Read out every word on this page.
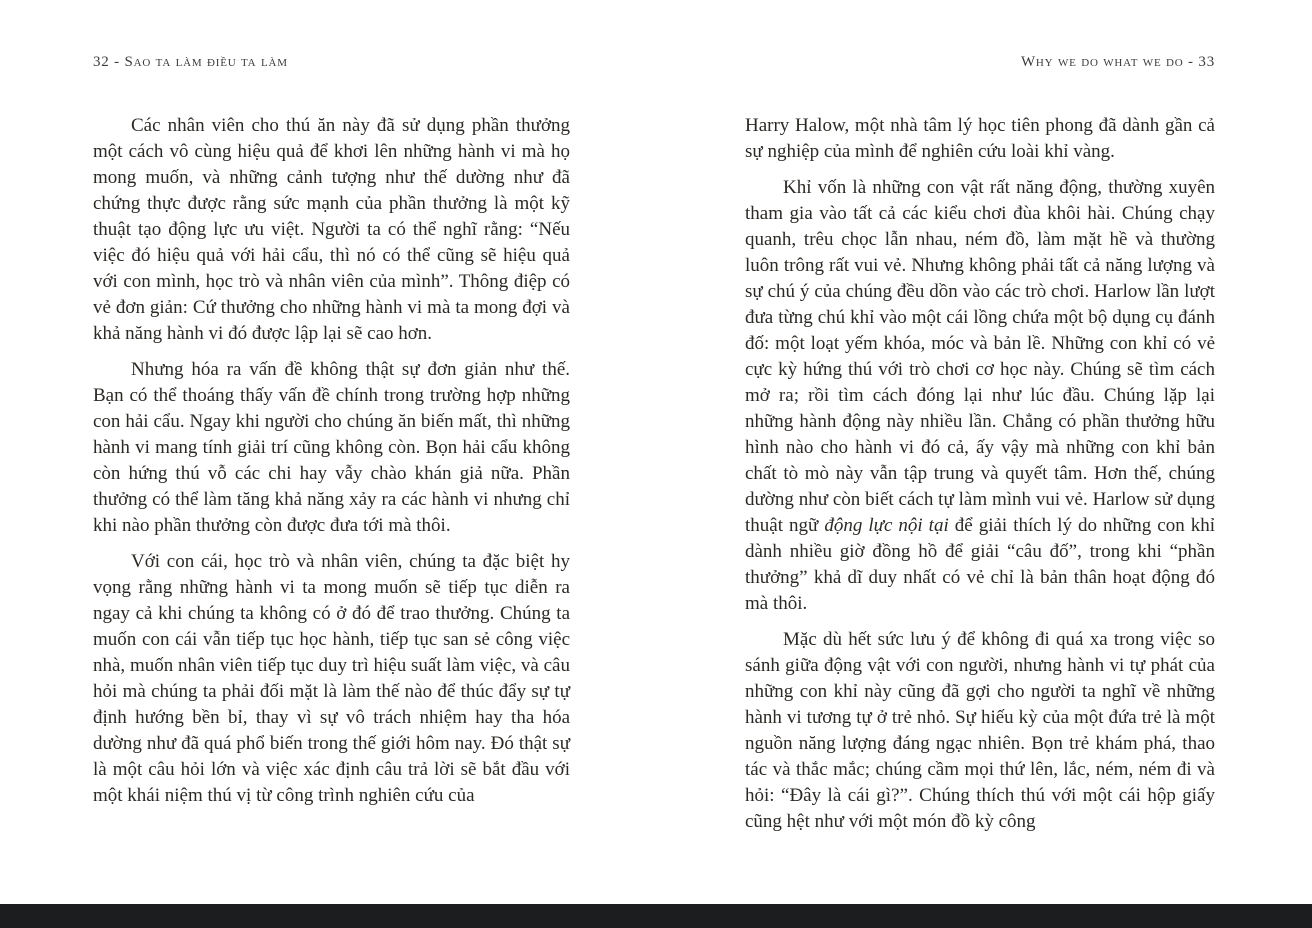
32 - Sao ta làm điều ta làm	Why we do what we do - 33

Các nhân viên cho thú ăn này đã sử dụng phần thưởng một cách vô cùng hiệu quả để khơi lên những hành vi mà họ mong muốn, và những cảnh tượng như thế dường như đã chứng thực được rằng sức mạnh của phần thưởng là một kỹ thuật tạo động lực ưu việt. Người ta có thể nghĩ rằng: “Nếu việc đó hiệu quả với hải cẩu, thì nó có thể cũng sẽ hiệu quả với con mình, học trò và nhân viên của mình”. Thông điệp có vẻ đơn giản: Cứ thưởng cho những hành vi mà ta mong đợi và khả năng hành vi đó được lập lại sẽ cao hơn.

Nhưng hóa ra vấn đề không thật sự đơn giản như thế. Bạn có thể thoáng thấy vấn đề chính trong trường hợp những con hải cẩu. Ngay khi người cho chúng ăn biến mất, thì những hành vi mang tính giải trí cũng không còn. Bọn hải cẩu không còn hứng thú vỗ các chi hay vẫy chào khán giả nữa. Phần thưởng có thể làm tăng khả năng xảy ra các hành vi nhưng chỉ khi nào phần thưởng còn được đưa tới mà thôi.

Với con cái, học trò và nhân viên, chúng ta đặc biệt hy vọng rằng những hành vi ta mong muốn sẽ tiếp tục diễn ra ngay cả khi chúng ta không có ở đó để trao thưởng. Chúng ta muốn con cái vẫn tiếp tục học hành, tiếp tục san sẻ công việc nhà, muốn nhân viên tiếp tục duy trì hiệu suất làm việc, và câu hỏi mà chúng ta phải đối mặt là làm thế nào để thúc đẩy sự tự định hướng bền bỉ, thay vì sự vô trách nhiệm hay tha hóa dường như đã quá phổ biến trong thế giới hôm nay. Đó thật sự là một câu hỏi lớn và việc xác định câu trả lời sẽ bắt đầu với một khái niệm thú vị từ công trình nghiên cứu của

Harry Halow, một nhà tâm lý học tiên phong đã dành gần cả sự nghiệp của mình để nghiên cứu loài khỉ vàng.

Khỉ vốn là những con vật rất năng động, thường xuyên tham gia vào tất cả các kiểu chơi đùa khôi hài. Chúng chạy quanh, trêu chọc lẫn nhau, ném đồ, làm mặt hề và thường luôn trông rất vui vẻ. Nhưng không phải tất cả năng lượng và sự chú ý của chúng đều dồn vào các trò chơi. Harlow lần lượt đưa từng chú khỉ vào một cái lồng chứa một bộ dụng cụ đánh đố: một loạt yếm khóa, móc và bản lề. Những con khỉ có vẻ cực kỳ hứng thú với trò chơi cơ học này. Chúng sẽ tìm cách mở ra; rồi tìm cách đóng lại như lúc đầu. Chúng lặp lại những hành động này nhiều lần. Chẳng có phần thưởng hữu hình nào cho hành vi đó cả, ấy vậy mà những con khỉ bản chất tò mò này vẫn tập trung và quyết tâm. Hơn thế, chúng dường như còn biết cách tự làm mình vui vẻ. Harlow sử dụng thuật ngữ động lực nội tại để giải thích lý do những con khỉ dành nhiều giờ đồng hồ để giải “câu đố”, trong khi “phần thưởng” khả dĩ duy nhất có vẻ chỉ là bản thân hoạt động đó mà thôi.

Mặc dù hết sức lưu ý để không đi quá xa trong việc so sánh giữa động vật với con người, nhưng hành vi tự phát của những con khỉ này cũng đã gợi cho người ta nghĩ về những hành vi tương tự ở trẻ nhỏ. Sự hiếu kỳ của một đứa trẻ là một nguồn năng lượng đáng ngạc nhiên. Bọn trẻ khám phá, thao tác và thắc mắc; chúng cầm mọi thứ lên, lắc, ném, ném đi và hỏi: “Đây là cái gì?”. Chúng thích thú với một cái hộp giấy cũng hệt như với một món đồ kỳ công
